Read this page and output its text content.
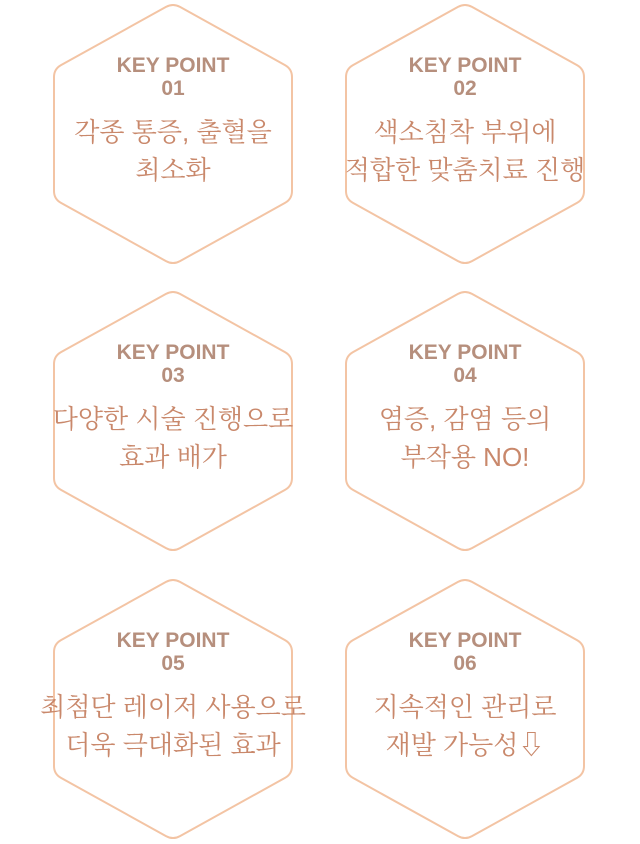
KEY POINT
01
각종 통증, 출혈을
최소화
KEY POINT
02
색소침착 부위에
적합한 맞춤치료 진행
KEY POINT
03
다양한 시술 진행으로
효과 배가
KEY POINT
04
염증, 감염 등의
부작용 NO!
KEY POINT
05
최첨단 레이저 사용으로
더욱 극대화된 효과
KEY POINT
06
지속적인 관리로
재발 가능성⇩
